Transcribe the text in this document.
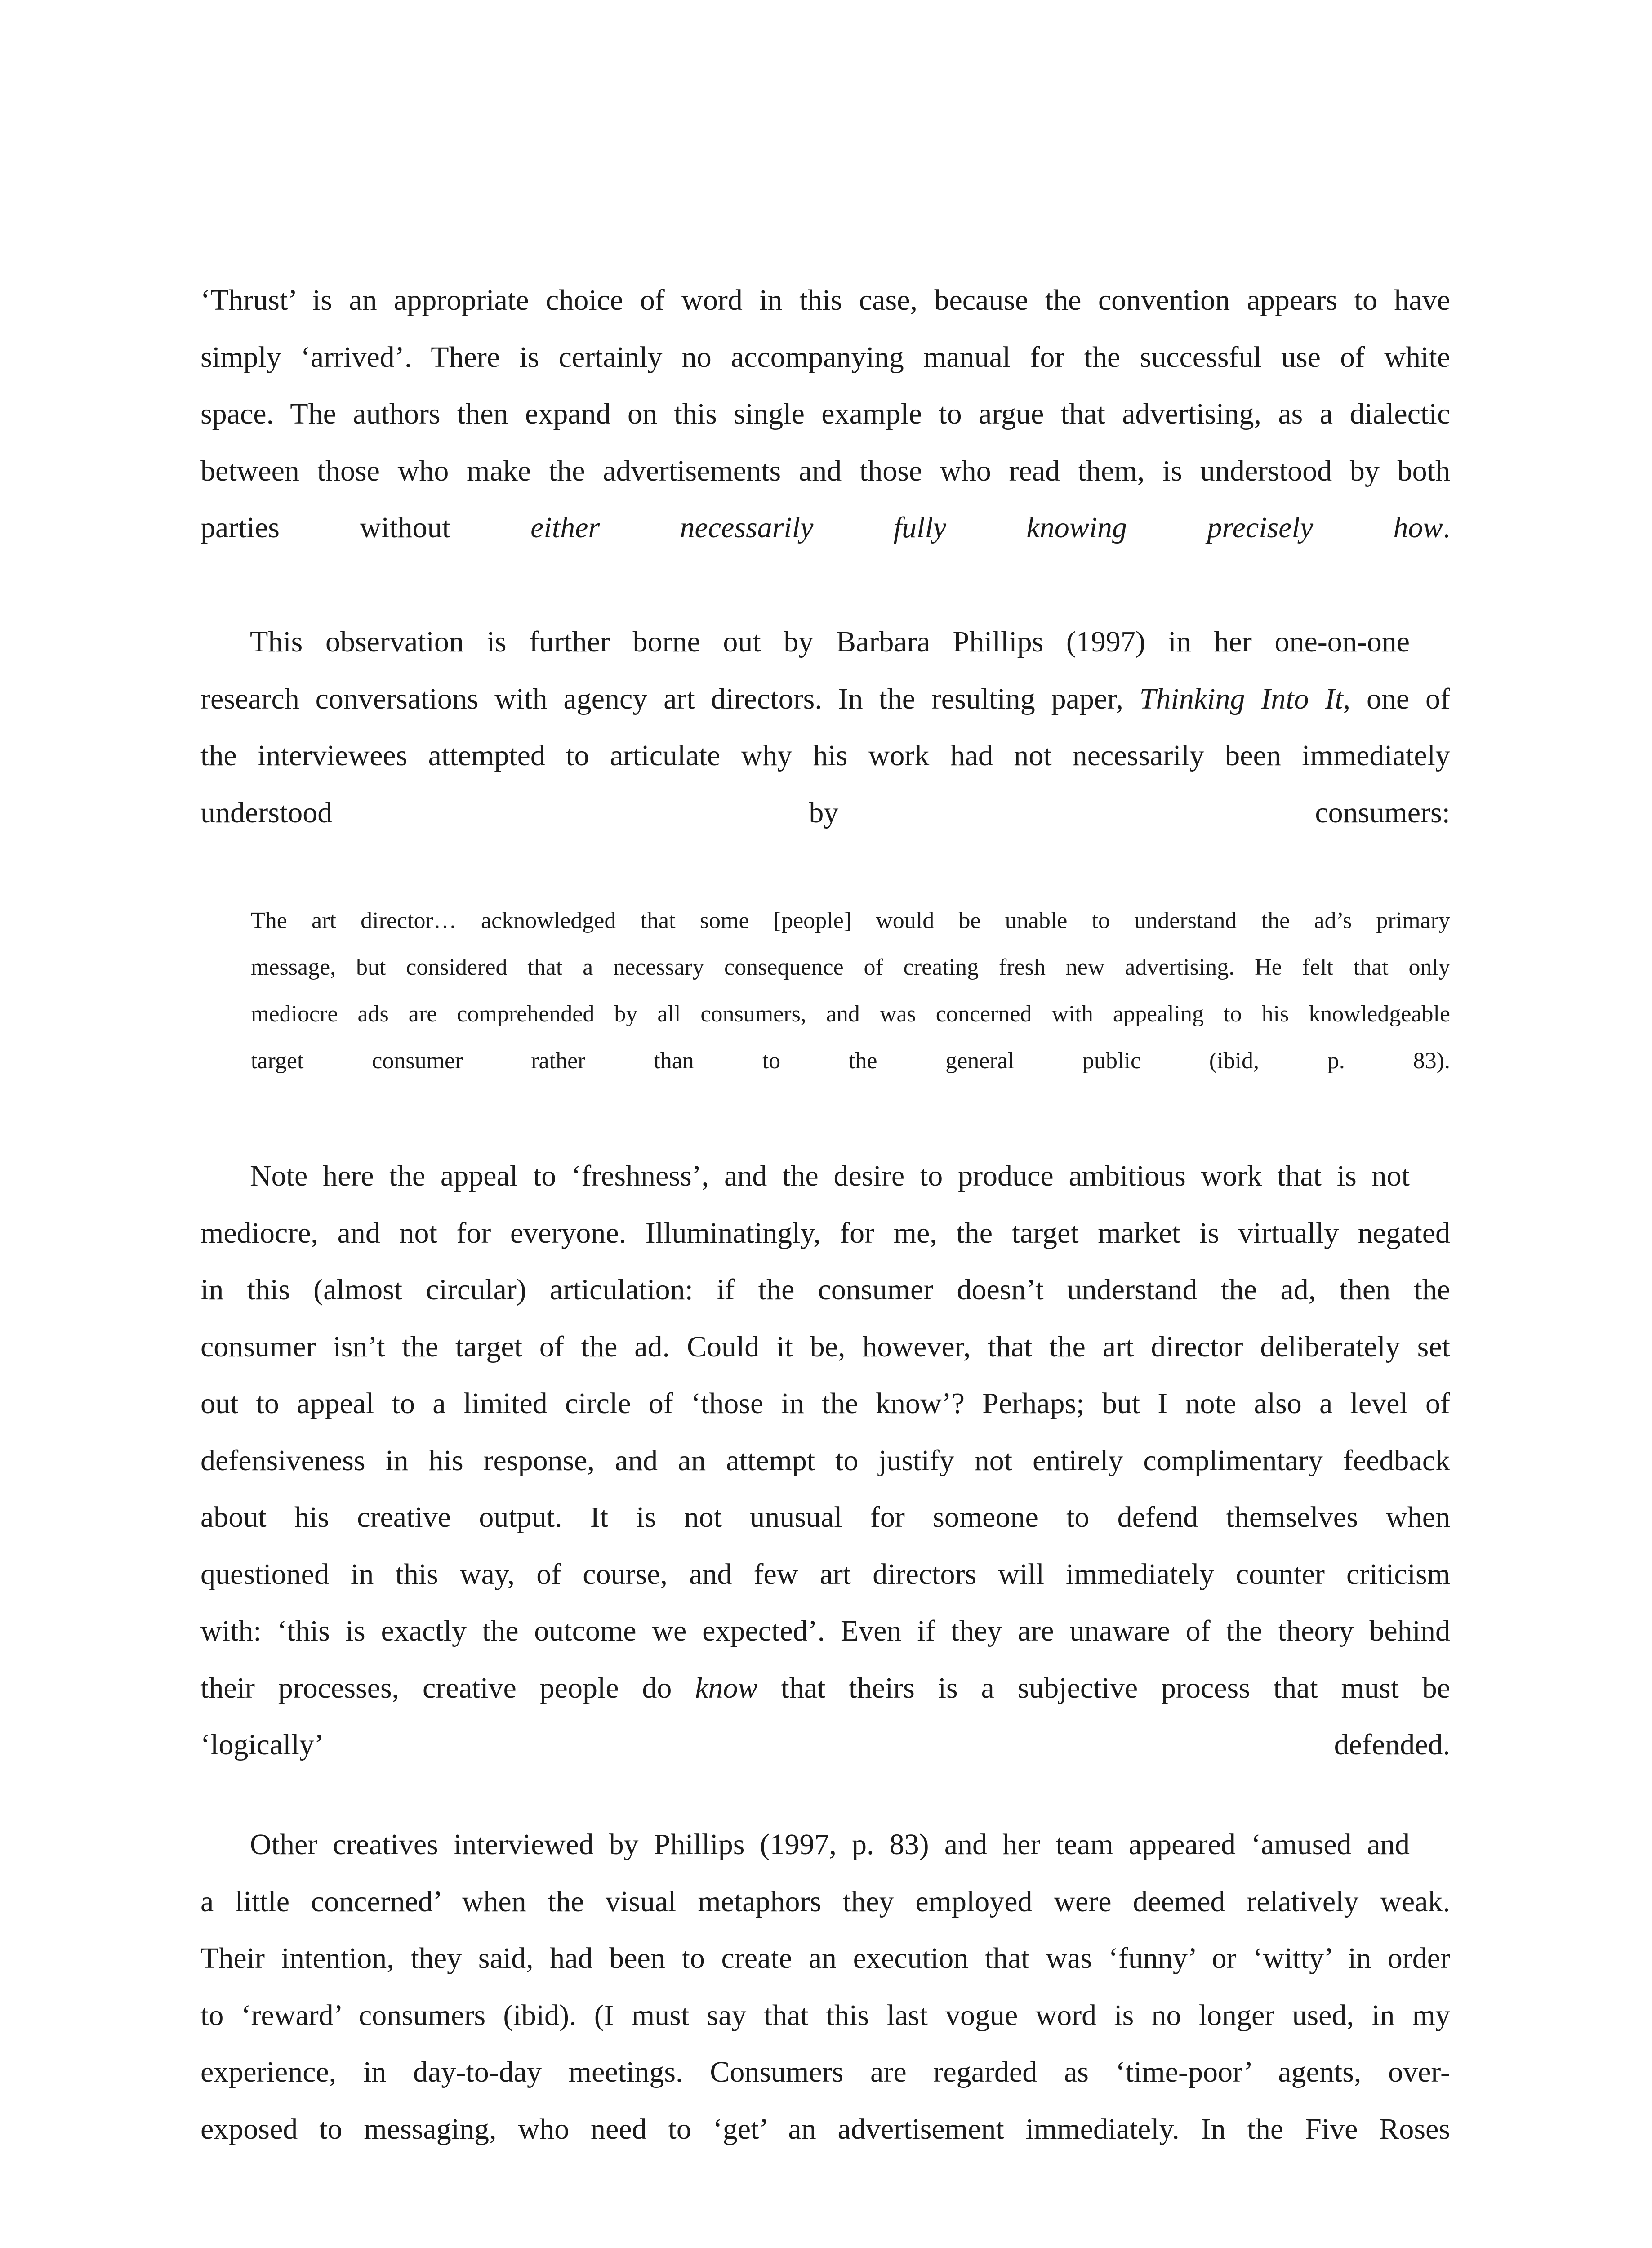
‘Thrust’ is an appropriate choice of word in this case, because the convention appears to have
simply ‘arrived’. There is certainly no accompanying manual for the successful use of white
space. The authors then expand on this single example to argue that advertising, as a dialectic
between those who make the advertisements and those who read them, is understood by both
parties without either necessarily fully knowing precisely how.
This observation is further borne out by Barbara Phillips (1997) in her one-on-one
research conversations with agency art directors. In the resulting paper, Thinking Into It, one of
the interviewees attempted to articulate why his work had not necessarily been immediately
understood by consumers:
The art director… acknowledged that some [people] would be unable to understand the ad’s primary
message, but considered that a necessary consequence of creating fresh new advertising. He felt that only
mediocre ads are comprehended by all consumers, and was concerned with appealing to his knowledgeable
target consumer rather than to the general public (ibid, p. 83).
Note here the appeal to ‘freshness’, and the desire to produce ambitious work that is not
mediocre, and not for everyone. Illuminatingly, for me, the target market is virtually negated
in this (almost circular) articulation: if the consumer doesn’t understand the ad, then the
consumer isn’t the target of the ad. Could it be, however, that the art director deliberately set
out to appeal to a limited circle of ‘those in the know’? Perhaps; but I note also a level of
defensiveness in his response, and an attempt to justify not entirely complimentary feedback
about his creative output. It is not unusual for someone to defend themselves when
questioned in this way, of course, and few art directors will immediately counter criticism
with: ‘this is exactly the outcome we expected’. Even if they are unaware of the theory behind
their processes, creative people do know that theirs is a subjective process that must be
‘logically’ defended.
Other creatives interviewed by Phillips (1997, p. 83) and her team appeared ‘amused and
a little concerned’ when the visual metaphors they employed were deemed relatively weak.
Their intention, they said, had been to create an execution that was ‘funny’ or ‘witty’ in order
to ‘reward’ consumers (ibid). (I must say that this last vogue word is no longer used, in my
experience, in day-to-day meetings. Consumers are regarded as ‘time-poor’ agents, over-
exposed to messaging, who need to ‘get’ an advertisement immediately. In the Five Roses
